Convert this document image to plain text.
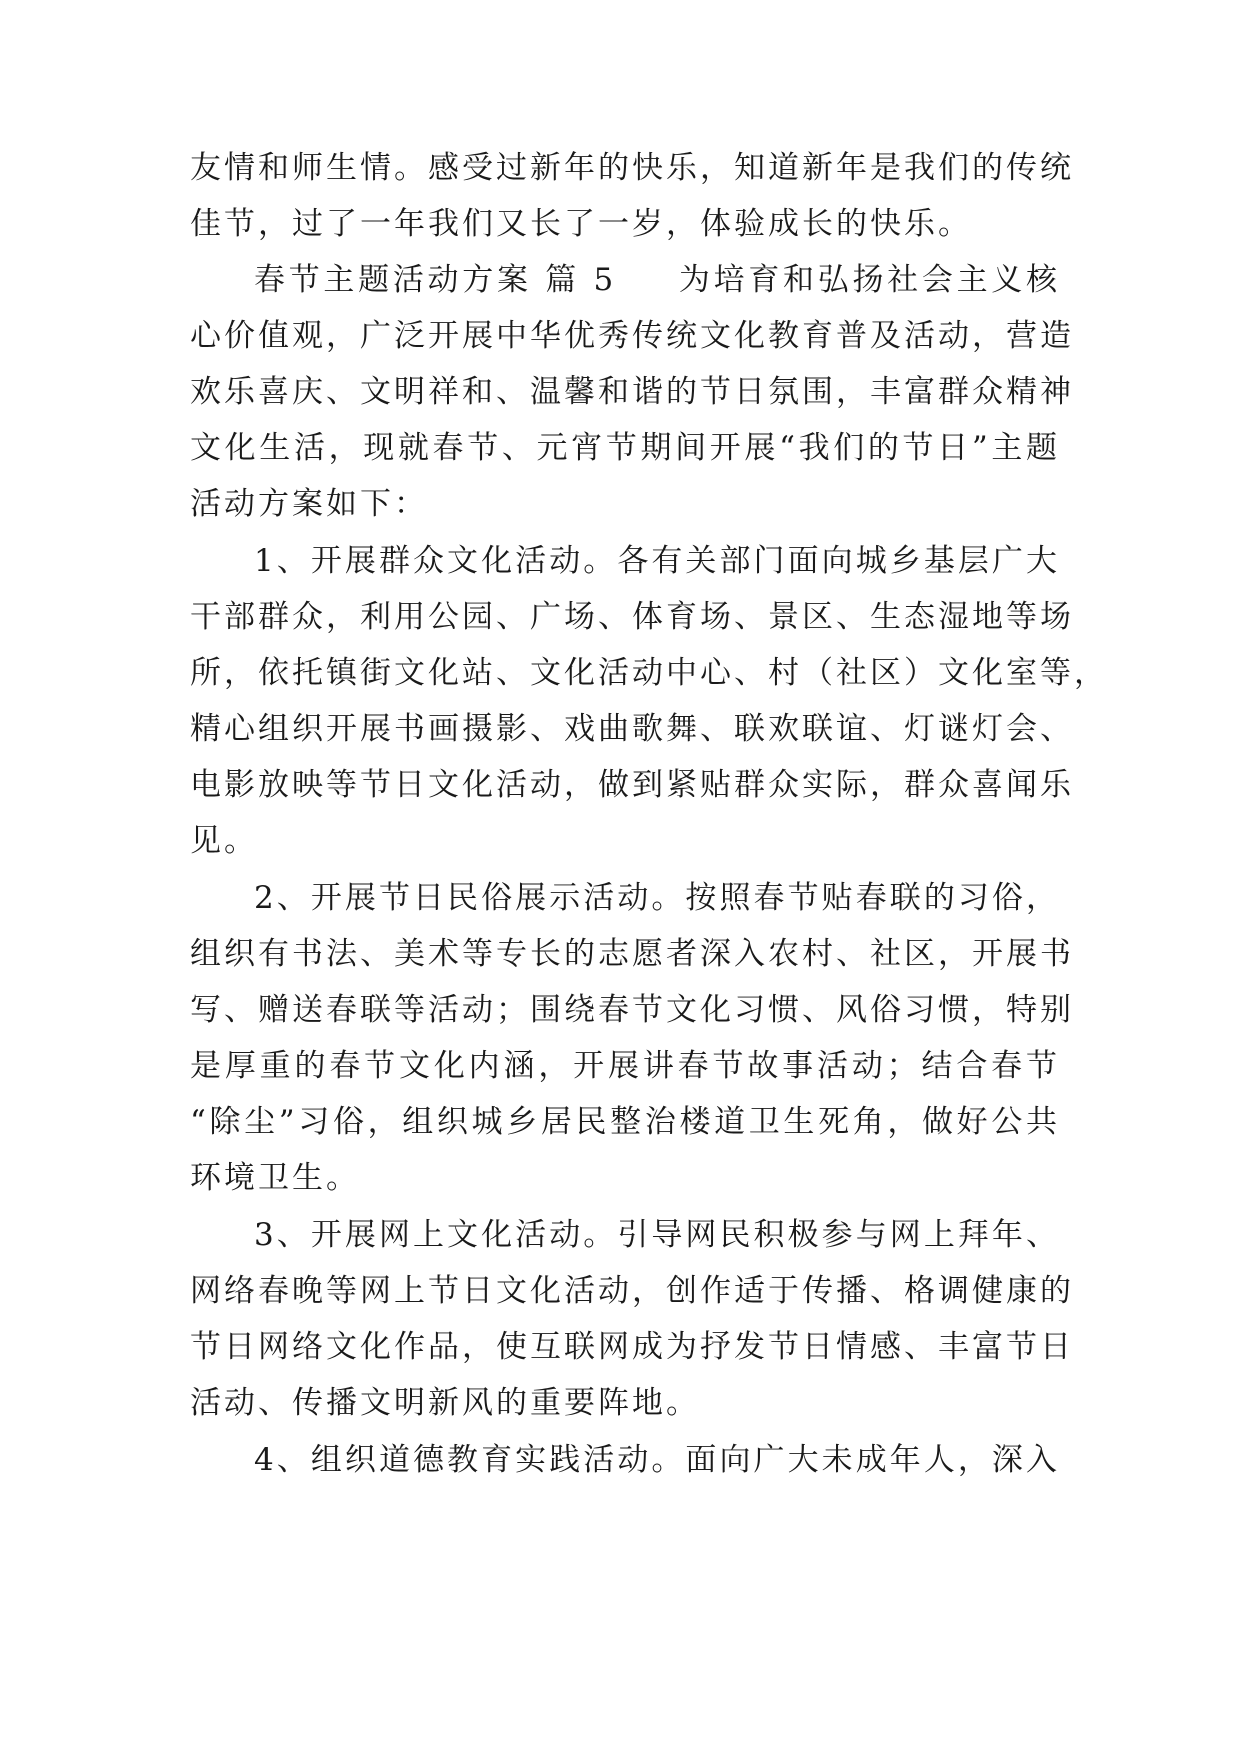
友情和师生情。感受过新年的快乐，知道新年是我们的传统
佳节，过了一年我们又长了一岁，体验成长的快乐。
春节主题活动方案 篇 5 为培育和弘扬社会主义核
心价值观，广泛开展中华优秀传统文化教育普及活动，营造
欢乐喜庆、文明祥和、温馨和谐的节日氛围，丰富群众精神
文化生活，现就春节、元宵节期间开展“我们的节日”主题
活动方案如下：
1、开展群众文化活动。各有关部门面向城乡基层广大
干部群众，利用公园、广场、体育场、景区、生态湿地等场
所，依托镇街文化站、文化活动中心、村（社区）文化室等，
精心组织开展书画摄影、戏曲歌舞、联欢联谊、灯谜灯会、
电影放映等节日文化活动，做到紧贴群众实际，群众喜闻乐
见。
2、开展节日民俗展示活动。按照春节贴春联的习俗，
组织有书法、美术等专长的志愿者深入农村、社区，开展书
写、赠送春联等活动；围绕春节文化习惯、风俗习惯，特别
是厚重的春节文化内涵，开展讲春节故事活动；结合春节
“除尘”习俗，组织城乡居民整治楼道卫生死角，做好公共
环境卫生。
3、开展网上文化活动。引导网民积极参与网上拜年、
网络春晚等网上节日文化活动，创作适于传播、格调健康的
节日网络文化作品，使互联网成为抒发节日情感、丰富节日
活动、传播文明新风的重要阵地。
4、组织道德教育实践活动。面向广大未成年人，深入
